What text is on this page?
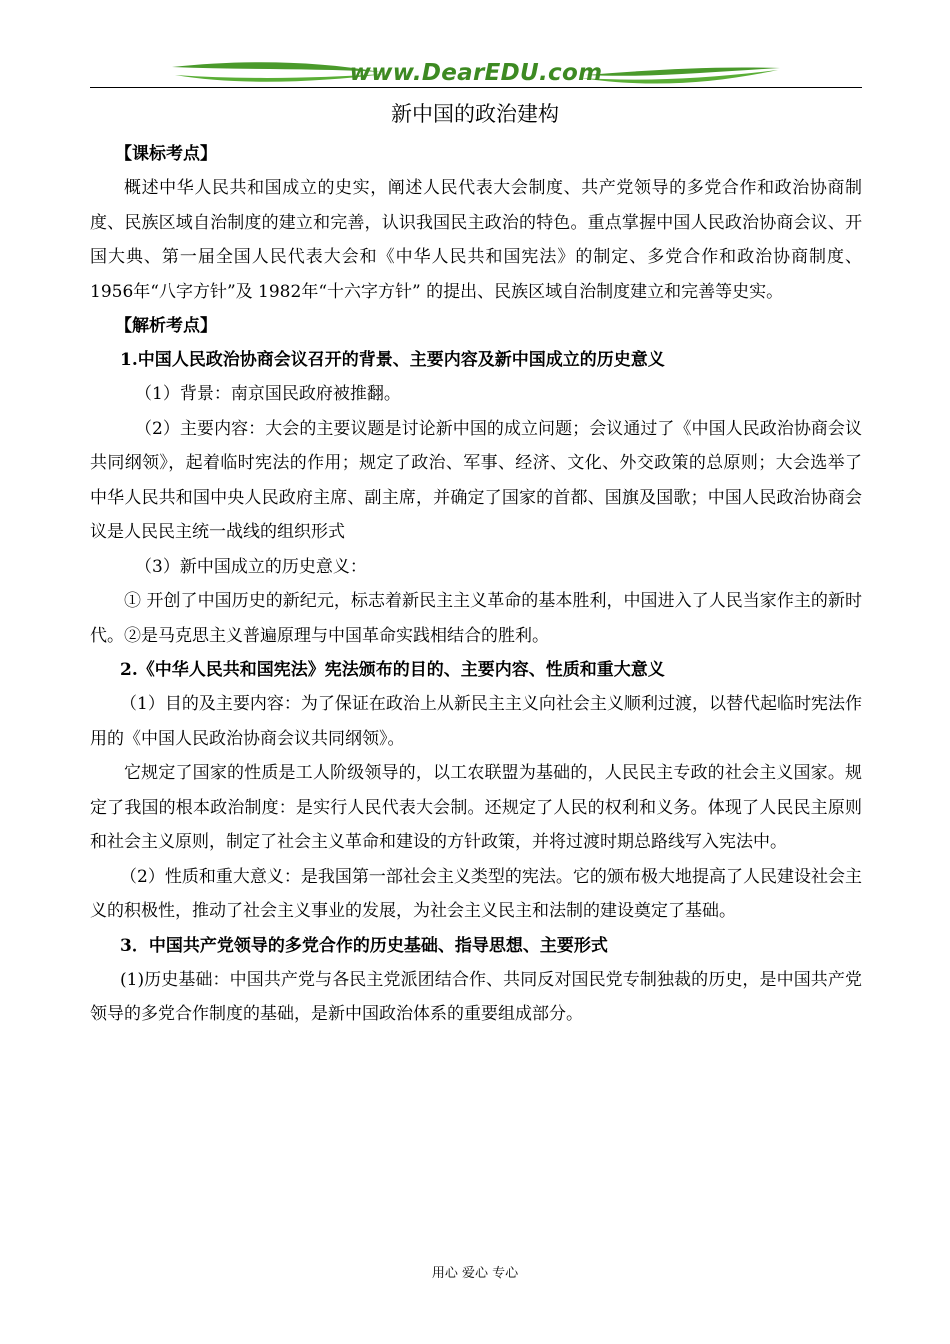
www.DearEDU.com
新中国的政治建构

【课标考点】

概述中华人民共和国成立的史实，阐述人民代表大会制度、共产党领导的多党合作和政治协商制度、民族区域自治制度的建立和完善，认识我国民主政治的特色。重点掌握中国人民政治协商会议、开国大典、第一届全国人民代表大会和《中华人民共和国宪法》的制定、多党合作和政治协商制度、1956年“八字方针”及 1982年“十六字方针” 的提出、民族区域自治制度建立和完善等史实。

【解析考点】

1.中国人民政治协商会议召开的背景、主要内容及新中国成立的历史意义

（1）背景：南京国民政府被推翻。

（2）主要内容：大会的主要议题是讨论新中国的成立问题；会议通过了《中国人民政治协商会议共同纲领》，起着临时宪法的作用；规定了政治、军事、经济、文化、外交政策的总原则；大会选举了中华人民共和国中央人民政府主席、副主席，并确定了国家的首都、国旗及国歌；中国人民政治协商会议是人民民主统一战线的组织形式

（3）新中国成立的历史意义：

① 开创了中国历史的新纪元，标志着新民主主义革命的基本胜利，中国进入了人民当家作主的新时代。②是马克思主义普遍原理与中国革命实践相结合的胜利。

2.《中华人民共和国宪法》宪法颁布的目的、主要内容、性质和重大意义

（1）目的及主要内容：为了保证在政治上从新民主主义向社会主义顺利过渡，以替代起临时宪法作用的《中国人民政治协商会议共同纲领》。

它规定了国家的性质是工人阶级领导的，以工农联盟为基础的，人民民主专政的社会主义国家。规定了我国的根本政治制度：是实行人民代表大会制。还规定了人民的权利和义务。体现了人民民主原则和社会主义原则，制定了社会主义革命和建设的方针政策，并将过渡时期总路线写入宪法中。

（2）性质和重大意义：是我国第一部社会主义类型的宪法。它的颁布极大地提高了人民建设社会主义的积极性，推动了社会主义事业的发展，为社会主义民主和法制的建设奠定了基础。

3．中国共产党领导的多党合作的历史基础、指导思想、主要形式

(1)历史基础：中国共产党与各民主党派团结合作、共同反对国民党专制独裁的历史，是中国共产党领导的多党合作制度的基础，是新中国政治体系的重要组成部分。

用心 爱心 专心
